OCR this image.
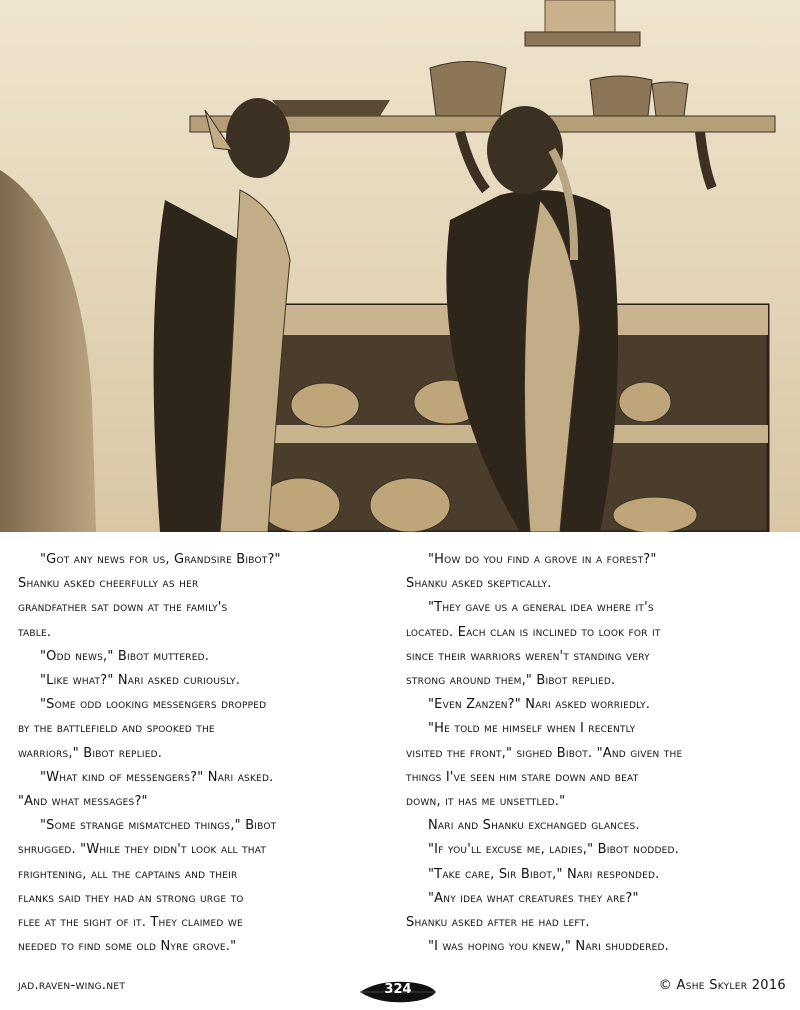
"Got any news for us, Grandsire Bibot?"

Shanku asked cheerfully as her

grandfather sat down at the family's

table.

"Odd news," Bibot muttered.

"Like what?" Nari asked curiously.

"Some odd looking messengers dropped

by the battlefield and spooked the

warriors," Bibot replied.

"What kind of messengers?" Nari asked.

"And what messages?"

"Some strange mismatched things," Bibot

shrugged. "While they didn't look all that

frightening, all the captains and their

flanks said they had an strong urge to

flee at the sight of it. They claimed we

needed to find some old Nyre grove."

"How do you find a grove in a forest?"

Shanku asked skeptically.

"They gave us a general idea where it's

located. Each clan is inclined to look for it

since their warriors weren't standing very

strong around them," Bibot replied.

"Even Zanzen?" Nari asked worriedly.

"He told me himself when I recently

visited the front," sighed Bibot. "And given the

things I've seen him stare down and beat

down, it has me unsettled."

Nari and Shanku exchanged glances.

"If you'll excuse me, ladies," Bibot nodded.

"Take care, Sir Bibot," Nari responded.

"Any idea what creatures they are?"

Shanku asked after he had left.

"I was hoping you knew," Nari shuddered.

jad.raven-wing.net	324	© Ashe Skyler 2016
